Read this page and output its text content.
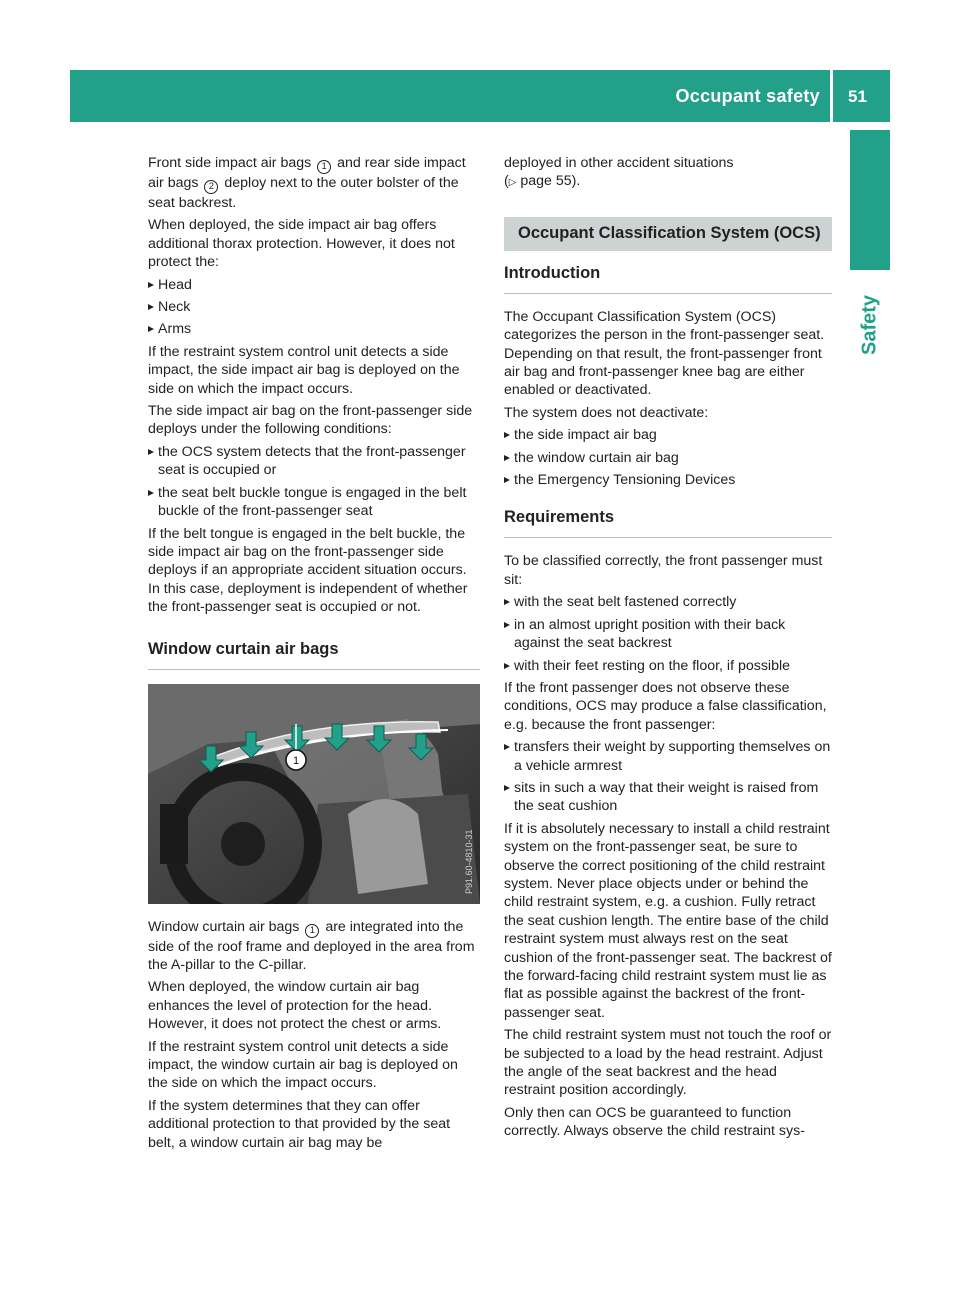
Occupant safety 51
Safety

Front side impact air bags 1 and rear side impact air bags 2 deploy next to the outer bolster of the seat backrest.

When deployed, the side impact air bag offers additional thorax protection. However, it does not protect the:

Head
Neck
Arms

If the restraint system control unit detects a side impact, the side impact air bag is deployed on the side on which the impact occurs.

The side impact air bag on the front-passenger side deploys under the following conditions:

the OCS system detects that the front-passenger seat is occupied or
the seat belt buckle tongue is engaged in the belt buckle of the front-passenger seat

If the belt tongue is engaged in the belt buckle, the side impact air bag on the front-passenger side deploys if an appropriate accident situation occurs. In this case, deployment is independent of whether the front-passenger seat is occupied or not.

Window curtain air bags
1
P91.60-4810-31

Window curtain air bags 1 are integrated into the side of the roof frame and deployed in the area from the A-pillar to the C-pillar.

When deployed, the window curtain air bag enhances the level of protection for the head. However, it does not protect the chest or arms.

If the restraint system control unit detects a side impact, the window curtain air bag is deployed on the side on which the impact occurs.

If the system determines that they can offer additional protection to that provided by the seat belt, a window curtain air bag may be

deployed in other accident situations
(▷ page 55).

Occupant Classification System (OCS)
Introduction

The Occupant Classification System (OCS) categorizes the person in the front-passenger seat. Depending on that result, the front-passenger front air bag and front-passenger knee bag are either enabled or deactivated.

The system does not deactivate:

the side impact air bag
the window curtain air bag
the Emergency Tensioning Devices
Requirements

To be classified correctly, the front passenger must sit:

with the seat belt fastened correctly
in an almost upright position with their back against the seat backrest
with their feet resting on the floor, if possible

If the front passenger does not observe these conditions, OCS may produce a false classification, e.g. because the front passenger:

transfers their weight by supporting themselves on a vehicle armrest
sits in such a way that their weight is raised from the seat cushion

If it is absolutely necessary to install a child restraint system on the front-passenger seat, be sure to observe the correct positioning of the child restraint system. Never place objects under or behind the child restraint system, e.g. a cushion. Fully retract the seat cushion length. The entire base of the child restraint system must always rest on the seat cushion of the front-passenger seat. The backrest of the forward-facing child restraint system must lie as flat as possible against the backrest of the front-passenger seat.

The child restraint system must not touch the roof or be subjected to a load by the head restraint. Adjust the angle of the seat backrest and the head restraint position accordingly.

Only then can OCS be guaranteed to function correctly. Always observe the child restraint sys-
